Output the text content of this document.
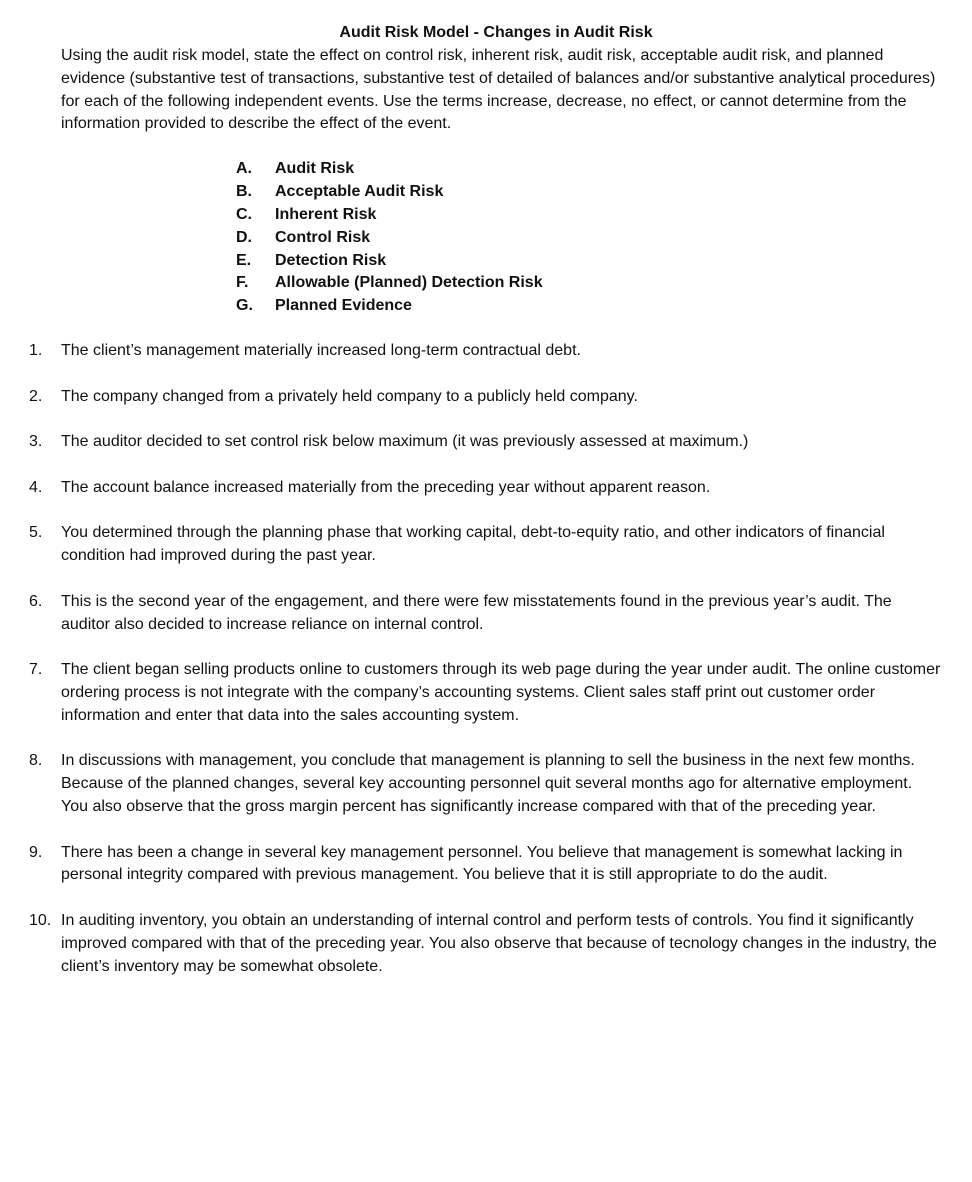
Audit Risk Model - Changes in Audit Risk

Using the audit risk model, state the effect on control risk, inherent risk, audit risk, acceptable audit risk, and planned evidence (substantive test of transactions, substantive test of detailed of balances and/or substantive analytical procedures) for each of the following independent events. Use the terms increase, decrease, no effect, or cannot determine from the information provided to describe the effect of the event.

A.	Audit Risk
B.	Acceptable Audit Risk
C.	Inherent Risk
D.	Control Risk
E.	Detection Risk
F.	Allowable (Planned) Detection Risk
G.	Planned Evidence
1. The client’s management materially increased long-term contractual debt.
2. The company changed from a privately held company to a publicly held company.
3. The auditor decided to set control risk below maximum (it was previously assessed at maximum.)
4. The account balance increased materially from the preceding year without apparent reason.
5. You determined through the planning phase that working capital, debt-to-equity ratio, and other indicators of financial condition had improved during the past year.
6. This is the second year of the engagement, and there were few misstatements found in the previous year’s audit. The auditor also decided to increase reliance on internal control.
7. The client began selling products online to customers through its web page during the year under audit. The online customer ordering process is not integrate with the company’s accounting systems. Client sales staff print out customer order information and enter that data into the sales accounting system.
8. In discussions with management, you conclude that management is planning to sell the business in the next few months. Because of the planned changes, several key accounting personnel quit several months ago for alternative employment. You also observe that the gross margin percent has significantly increase compared with that of the preceding year.
9. There has been a change in several key management personnel. You believe that management is somewhat lacking in personal integrity compared with previous management. You believe that it is still appropriate to do the audit.
10. In auditing inventory, you obtain an understanding of internal control and perform tests of controls. You find it significantly improved compared with that of the preceding year. You also observe that because of tecnology changes in the industry, the client’s inventory may be somewhat obsolete.
